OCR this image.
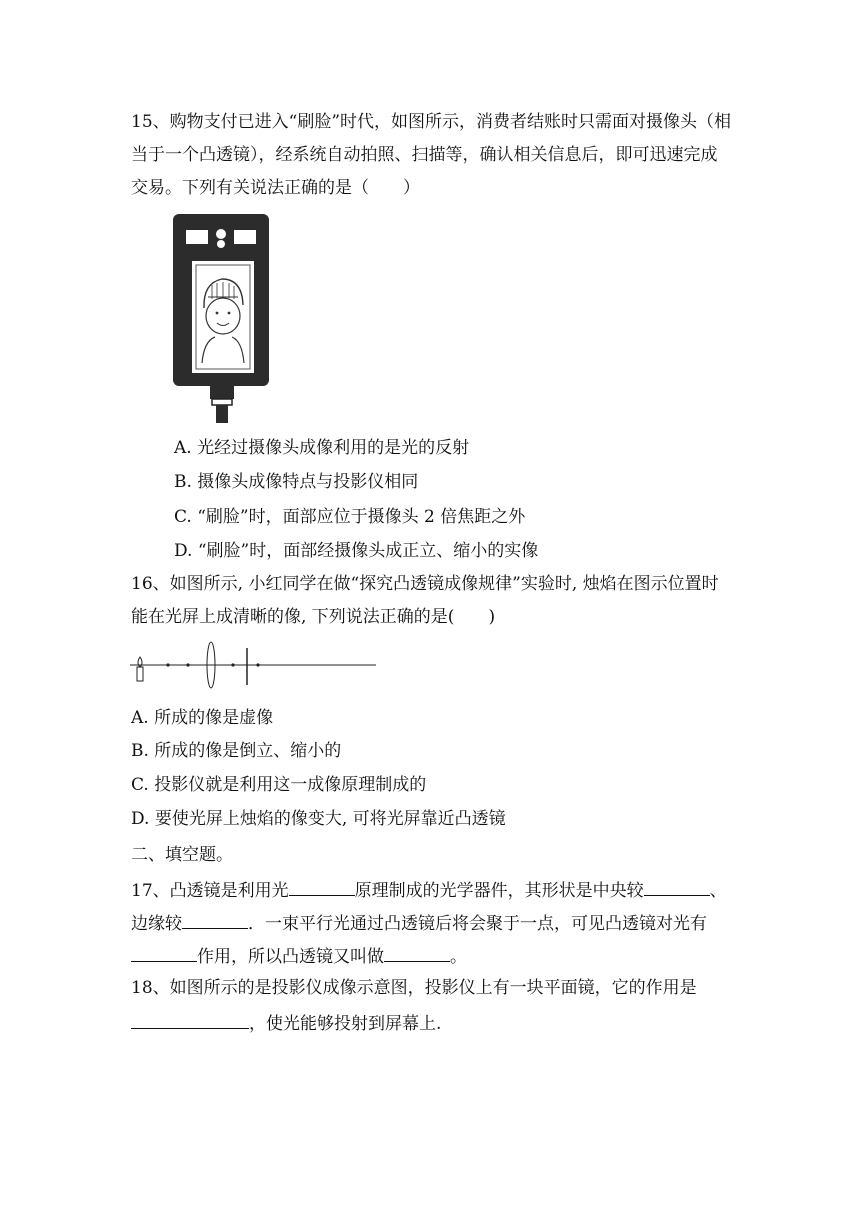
15、购物支付已进入“刷脸”时代，如图所示，消费者结账时只需面对摄像头（相
当于一个凸透镜），经系统自动拍照、扫描等，确认相关信息后，即可迅速完成
交易。下列有关说法正确的是（　　）
A. 光经过摄像头成像利用的是光的反射
B. 摄像头成像特点与投影仪相同
C. “刷脸”时，面部应位于摄像头 2 倍焦距之外
D. “刷脸”时，面部经摄像头成正立、缩小的实像
16、如图所示, 小红同学在做“探究凸透镜成像规律”实验时, 烛焰在图示位置时
能在光屏上成清晰的像, 下列说法正确的是(　　)
A. 所成的像是虚像
B. 所成的像是倒立、缩小的
C. 投影仪就是利用这一成像原理制成的
D. 要使光屏上烛焰的像变大, 可将光屏靠近凸透镜
二、填空题。
17、凸透镜是利用光	原理制成的光学器件，其形状是中央较	、
边缘较	．一束平行光通过凸透镜后将会聚于一点，可见凸透镜对光有
作用，所以凸透镜又叫做	。
18、如图所示的是投影仪成像示意图，投影仪上有一块平面镜，它的作用是
，使光能够投射到屏幕上.
